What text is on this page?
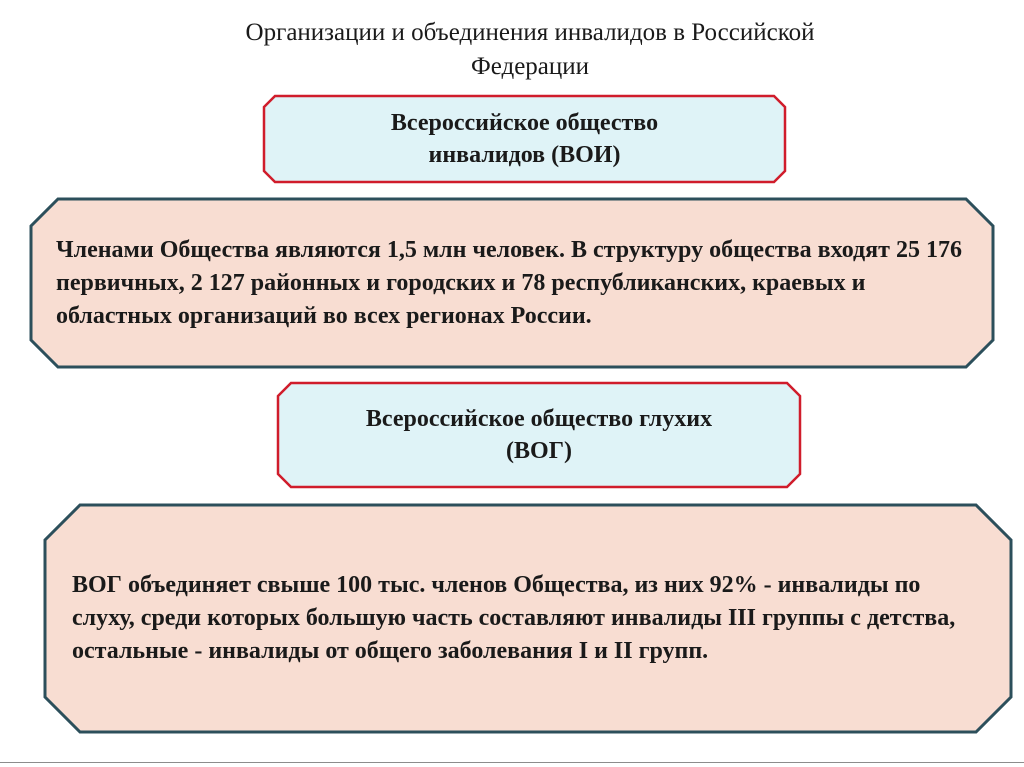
Организации и объединения инвалидов в Российской Федерации
Всероссийское общество инвалидов (ВОИ)
Членами Общества являются 1,5 млн человек. В структуру общества входят 25 176 первичных, 2 127 районных и городских и 78 республиканских, краевых и областных организаций во всех регионах России.
Всероссийское общество глухих (ВОГ)
ВОГ объединяет свыше 100 тыс. членов Общества, из них 92% - инвалиды по слуху, среди которых большую часть составляют инвалиды III группы с детства, остальные - инвалиды от общего заболевания I и II групп.
